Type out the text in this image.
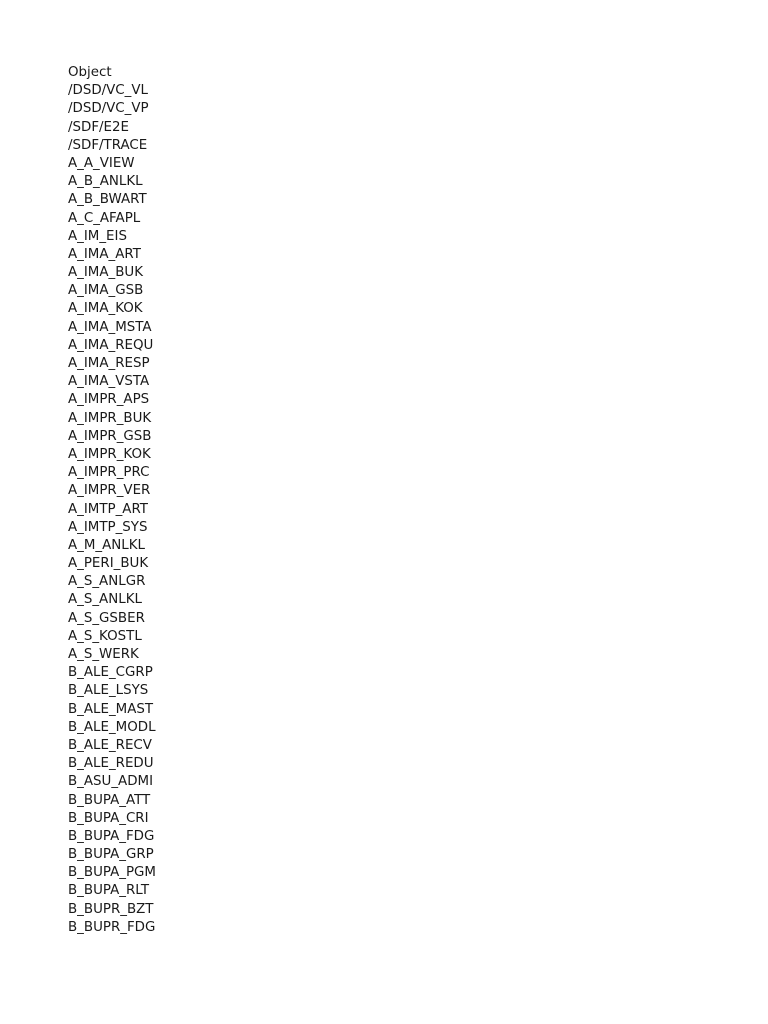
Object
/DSD/VC_VL
/DSD/VC_VP
/SDF/E2E
/SDF/TRACE
A_A_VIEW
A_B_ANLKL
A_B_BWART
A_C_AFAPL
A_IM_EIS
A_IMA_ART
A_IMA_BUK
A_IMA_GSB
A_IMA_KOK
A_IMA_MSTA
A_IMA_REQU
A_IMA_RESP
A_IMA_VSTA
A_IMPR_APS
A_IMPR_BUK
A_IMPR_GSB
A_IMPR_KOK
A_IMPR_PRC
A_IMPR_VER
A_IMTP_ART
A_IMTP_SYS
A_M_ANLKL
A_PERI_BUK
A_S_ANLGR
A_S_ANLKL
A_S_GSBER
A_S_KOSTL
A_S_WERK
B_ALE_CGRP
B_ALE_LSYS
B_ALE_MAST
B_ALE_MODL
B_ALE_RECV
B_ALE_REDU
B_ASU_ADMI
B_BUPA_ATT
B_BUPA_CRI
B_BUPA_FDG
B_BUPA_GRP
B_BUPA_PGM
B_BUPA_RLT
B_BUPR_BZT
B_BUPR_FDG
